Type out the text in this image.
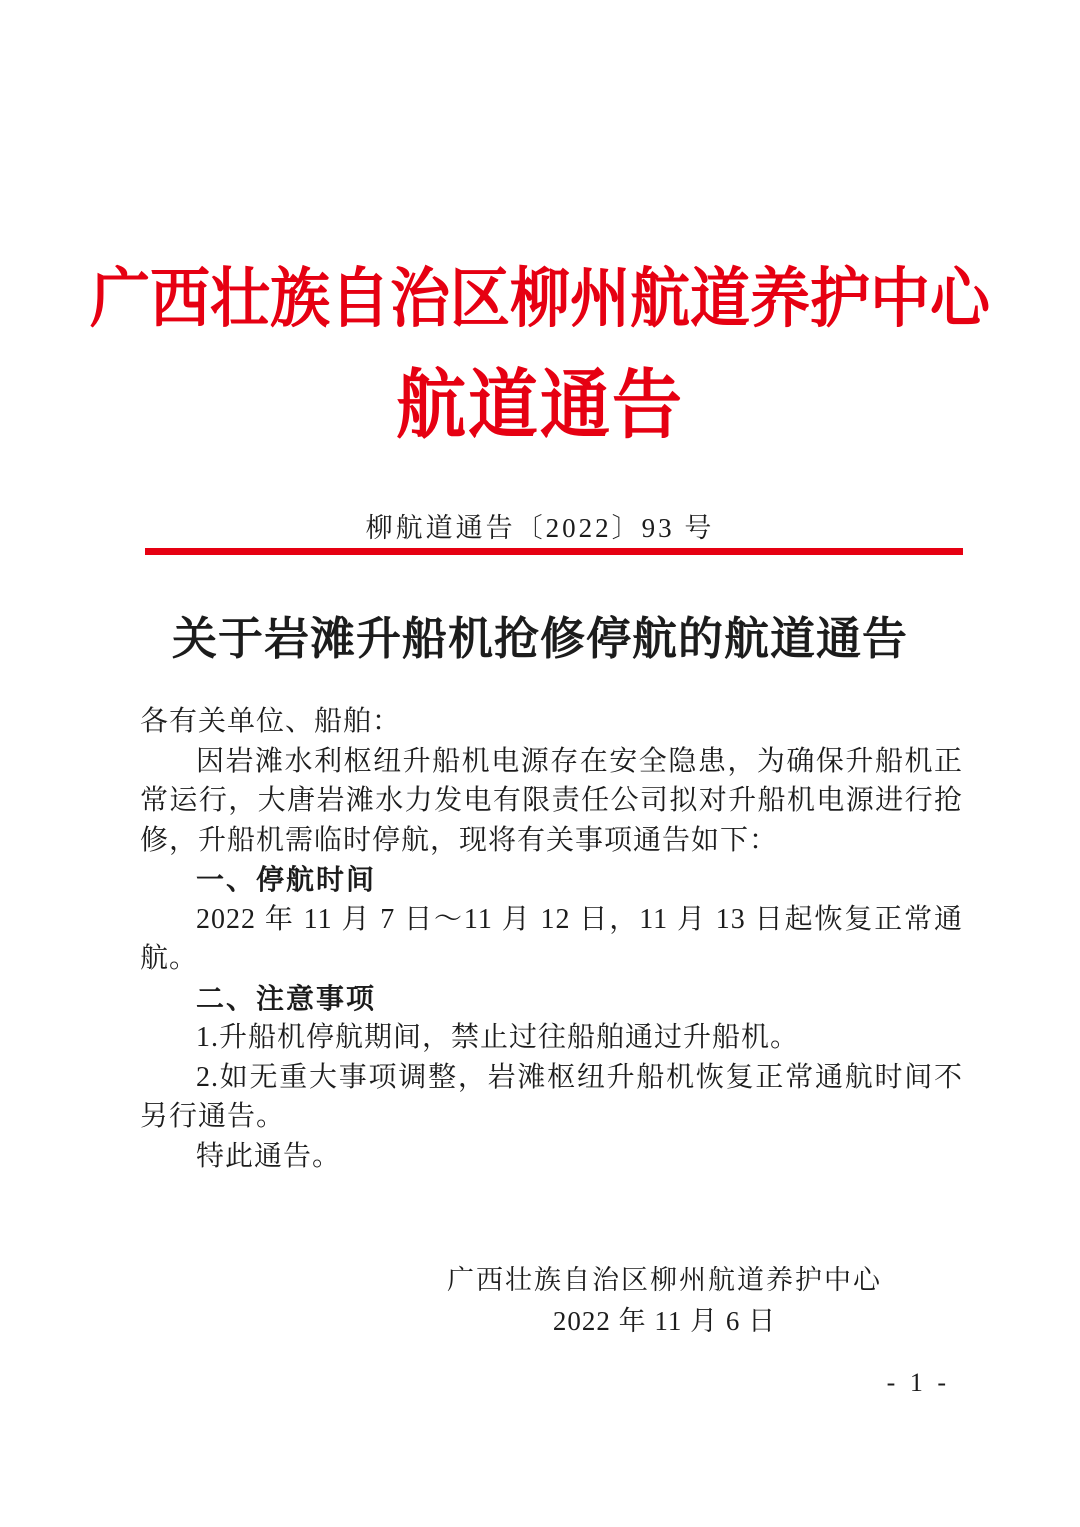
广西壮族自治区柳州航道养护中心
航道通告
柳航道通告〔2022〕93 号
关于岩滩升船机抢修停航的航道通告

各有关单位、船舶：

因岩滩水利枢纽升船机电源存在安全隐患，为确保升船机正常运行，大唐岩滩水力发电有限责任公司拟对升船机电源进行抢修，升船机需临时停航，现将有关事项通告如下：

一、停航时间

2022 年 11 月 7 日～11 月 12 日，11 月 13 日起恢复正常通航。

二、注意事项

1.升船机停航期间，禁止过往船舶通过升船机。

2.如无重大事项调整，岩滩枢纽升船机恢复正常通航时间不另行通告。

特此通告。

广西壮族自治区柳州航道养护中心
2022 年 11 月 6 日
- 1 -
